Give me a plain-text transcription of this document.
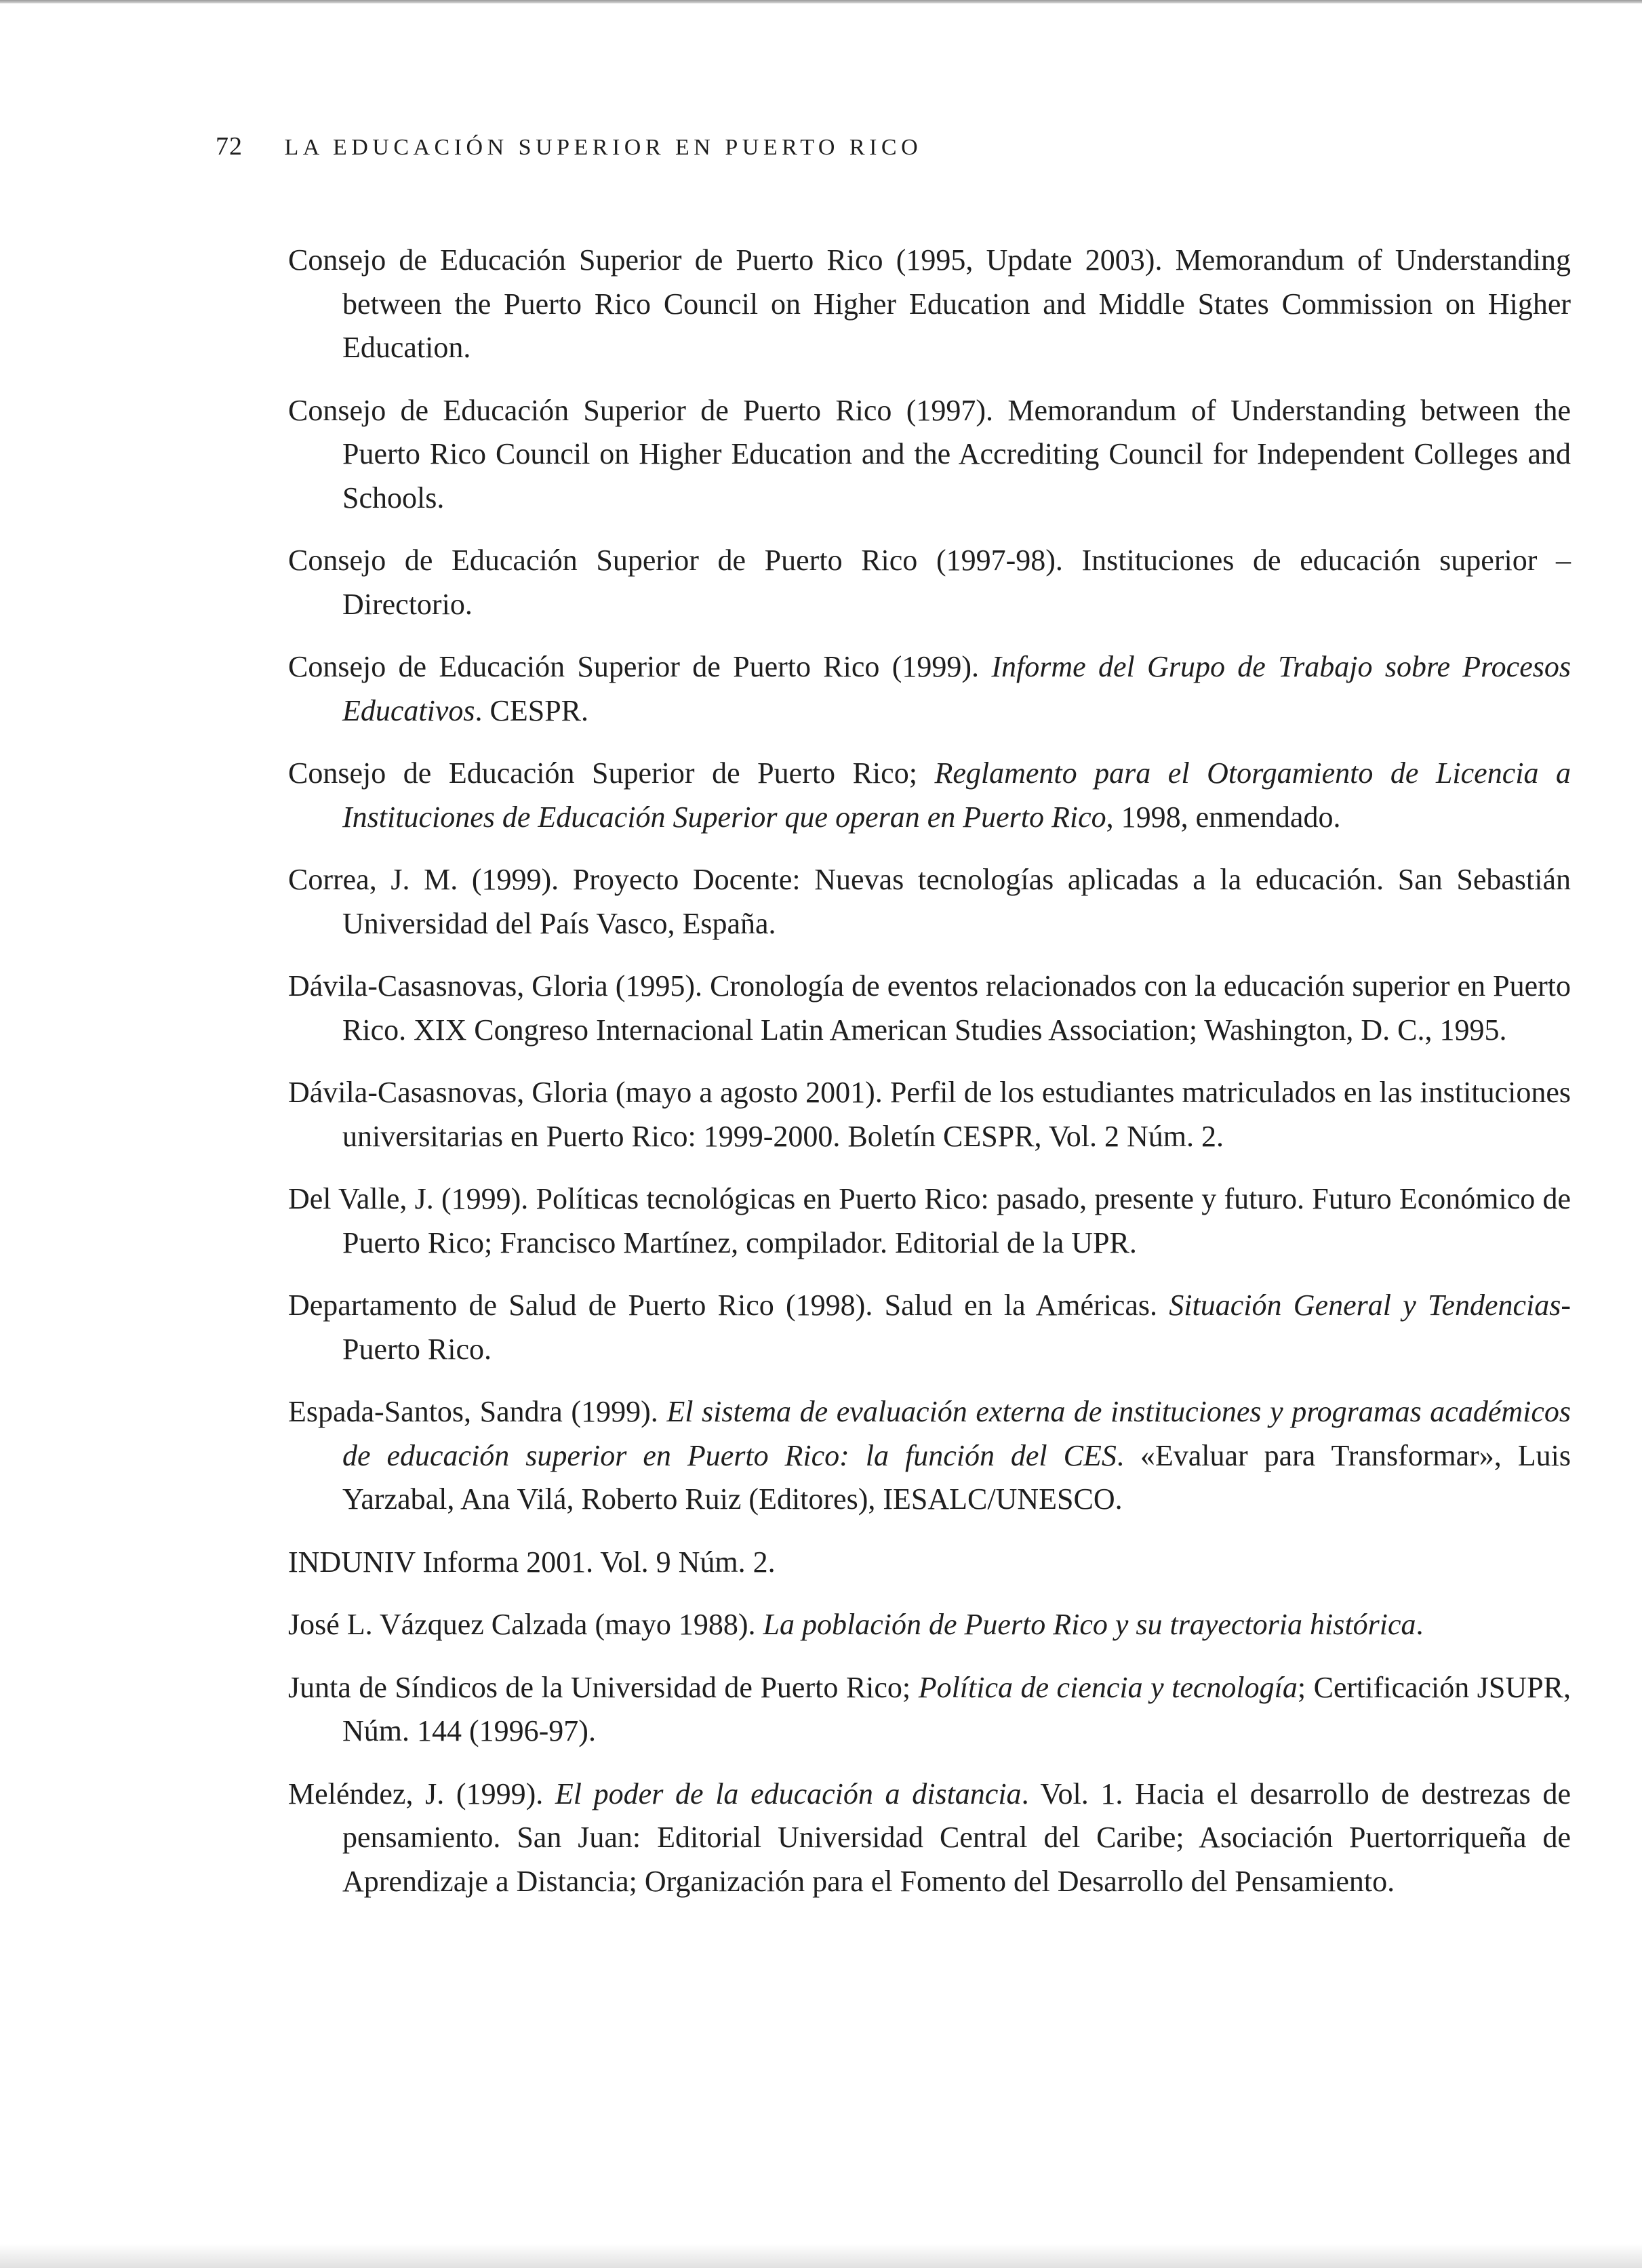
72 LA EDUCACIÓN SUPERIOR EN PUERTO RICO
Consejo de Educación Superior de Puerto Rico (1995, Update 2003). Memorandum of Understanding between the Puerto Rico Council on Higher Education and Middle States Commission on Higher Education.
Consejo de Educación Superior de Puerto Rico (1997). Memorandum of Understanding between the Puerto Rico Council on Higher Education and the Accrediting Council for Independent Colleges and Schools.
Consejo de Educación Superior de Puerto Rico (1997-98). Instituciones de educación superior – Directorio.
Consejo de Educación Superior de Puerto Rico (1999). Informe del Grupo de Trabajo sobre Procesos Educativos. CESPR.
Consejo de Educación Superior de Puerto Rico; Reglamento para el Otorgamiento de Licencia a Instituciones de Educación Superior que operan en Puerto Rico, 1998, enmendado.
Correa, J. M. (1999). Proyecto Docente: Nuevas tecnologías aplicadas a la educación. San Sebastián Universidad del País Vasco, España.
Dávila-Casasnovas, Gloria (1995). Cronología de eventos relacionados con la educación superior en Puerto Rico. XIX Congreso Internacional Latin American Studies Association; Washington, D. C., 1995.
Dávila-Casasnovas, Gloria (mayo a agosto 2001). Perfil de los estudiantes matriculados en las instituciones universitarias en Puerto Rico: 1999-2000. Boletín CESPR, Vol. 2 Núm. 2.
Del Valle, J. (1999). Políticas tecnológicas en Puerto Rico: pasado, presente y futuro. Futuro Económico de Puerto Rico; Francisco Martínez, compilador. Editorial de la UPR.
Departamento de Salud de Puerto Rico (1998). Salud en la Américas. Situación General y Tendencias-Puerto Rico.
Espada-Santos, Sandra (1999). El sistema de evaluación externa de instituciones y programas académicos de educación superior en Puerto Rico: la función del CES. «Evaluar para Transformar», Luis Yarzabal, Ana Vilá, Roberto Ruiz (Editores), IESALC/UNESCO.
INDUNIV Informa 2001. Vol. 9 Núm. 2.
José L. Vázquez Calzada (mayo 1988). La población de Puerto Rico y su trayectoria histórica.
Junta de Síndicos de la Universidad de Puerto Rico; Política de ciencia y tecnología; Certificación JSUPR, Núm. 144 (1996-97).
Meléndez, J. (1999). El poder de la educación a distancia. Vol. 1. Hacia el desarrollo de destrezas de pensamiento. San Juan: Editorial Universidad Central del Caribe; Asociación Puertorriqueña de Aprendizaje a Distancia; Organización para el Fomento del Desarrollo del Pensamiento.
